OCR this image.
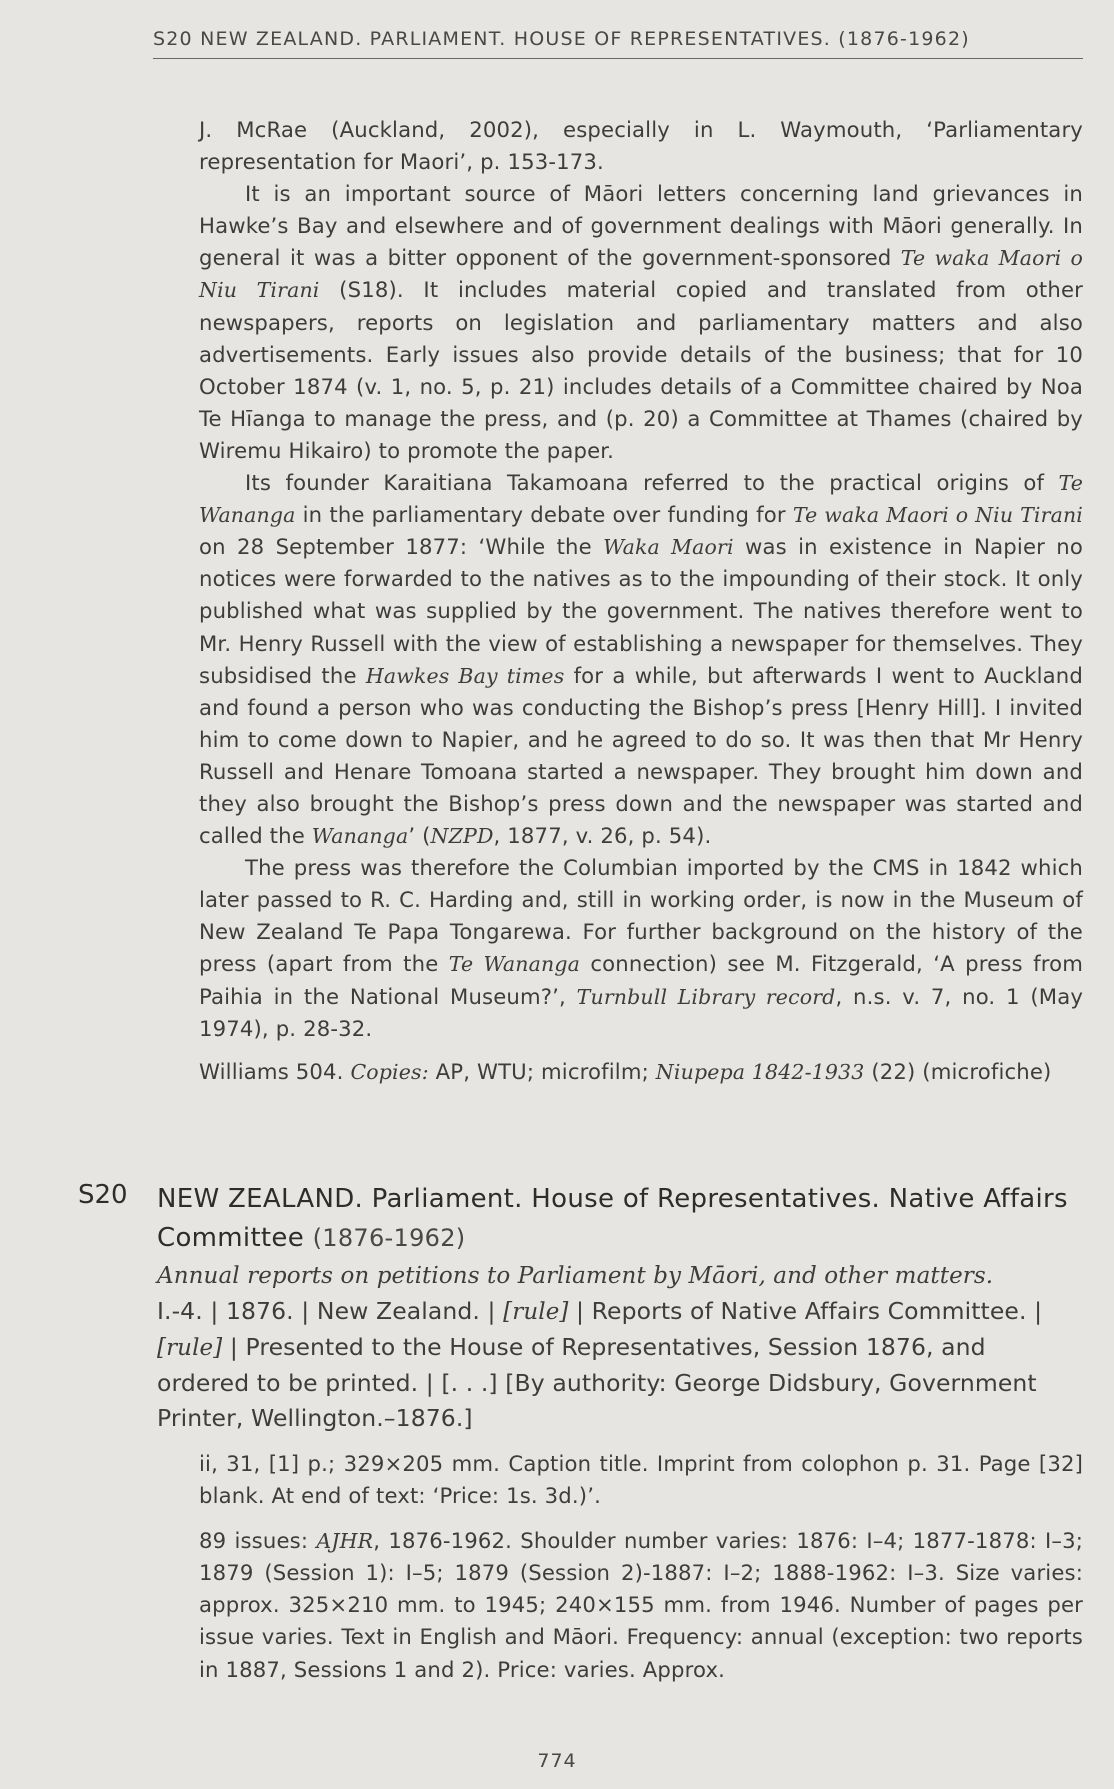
S20 NEW ZEALAND. PARLIAMENT. HOUSE OF REPRESENTATIVES. (1876-1962)

J. McRae (Auckland, 2002), especially in L. Waymouth, ‘Parliamentary representation for Maori’, p. 153-173.

It is an important source of Māori letters concerning land grievances in Hawke’s Bay and elsewhere and of government dealings with Māori generally. In general it was a bitter opponent of the government-sponsored Te waka Maori o Niu Tirani (S18). It includes material copied and translated from other newspapers, reports on legislation and parliamentary matters and also advertisements. Early issues also provide details of the business; that for 10 October 1874 (v. 1, no. 5, p. 21) includes details of a Committee chaired by Noa Te Hīanga to manage the press, and (p. 20) a Committee at Thames (chaired by Wiremu Hikairo) to promote the paper.

Its founder Karaitiana Takamoana referred to the practical origins of Te Wananga in the parliamentary debate over funding for Te waka Maori o Niu Tirani on 28 September 1877: ‘While the Waka Maori was in existence in Napier no notices were forwarded to the natives as to the impounding of their stock. It only published what was supplied by the government. The natives therefore went to Mr. Henry Russell with the view of establishing a newspaper for themselves. They subsidised the Hawkes Bay times for a while, but afterwards I went to Auckland and found a person who was conducting the Bishop’s press [Henry Hill]. I invited him to come down to Napier, and he agreed to do so. It was then that Mr Henry Russell and Henare Tomoana started a newspaper. They brought him down and they also brought the Bishop’s press down and the newspaper was started and called the Wananga’ (NZPD, 1877, v. 26, p. 54).

The press was therefore the Columbian imported by the CMS in 1842 which later passed to R. C. Harding and, still in working order, is now in the Museum of New Zealand Te Papa Tongarewa. For further background on the history of the press (apart from the Te Wananga connection) see M. Fitzgerald, ‘A press from Paihia in the National Museum?’, Turnbull Library record, n.s. v. 7, no. 1 (May 1974), p. 28-32.

Williams 504. Copies: AP, WTU; microfilm; Niupepa 1842-1933 (22) (microfiche)

S20 NEW ZEALAND. Parliament. House of Representatives. Native Affairs Committee (1876-1962)
Annual reports on petitions to Parliament by Māori, and other matters.
I.-4. | 1876. | New Zealand. | [rule] | Reports of Native Affairs Committee. | [rule] | Presented to the House of Representatives, Session 1876, and ordered to be printed. | [. . .] [By authority: George Didsbury, Government Printer, Wellington.–1876.]

ii, 31, [1] p.; 329×205 mm. Caption title. Imprint from colophon p. 31. Page [32] blank. At end of text: ‘Price: 1s. 3d.)’.

89 issues: AJHR, 1876-1962. Shoulder number varies: 1876: I–4; 1877-1878: I–3; 1879 (Session 1): I–5; 1879 (Session 2)-1887: I–2; 1888-1962: I–3. Size varies: approx. 325×210 mm. to 1945; 240×155 mm. from 1946. Number of pages per issue varies. Text in English and Māori. Frequency: annual (exception: two reports in 1887, Sessions 1 and 2). Price: varies. Approx.

774
